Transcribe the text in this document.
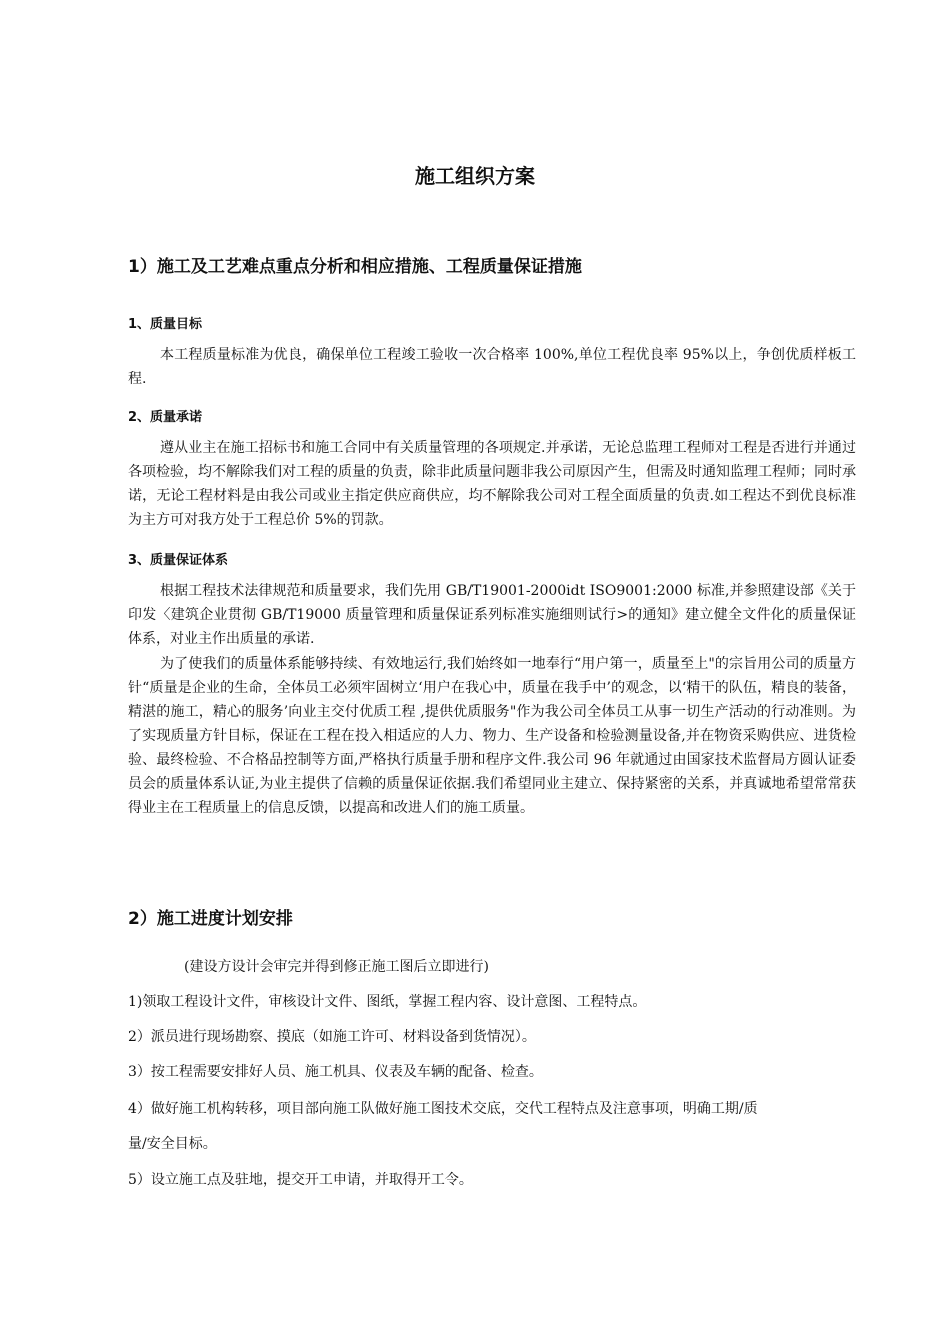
施工组织方案
1）施工及工艺难点重点分析和相应措施、工程质量保证措施
1、质量目标
本工程质量标准为优良，确保单位工程竣工验收一次合格率 100%,单位工程优良率 95%以上，争创优质样板工程.
2、质量承诺
遵从业主在施工招标书和施工合同中有关质量管理的各项规定.并承诺，无论总监理工程师对工程是否进行并通过各项检验，均不解除我们对工程的质量的负责，除非此质量问题非我公司原因产生，但需及时通知监理工程师；同时承诺，无论工程材料是由我公司或业主指定供应商供应，均不解除我公司对工程全面质量的负责.如工程达不到优良标准为主方可对我方处于工程总价 5%的罚款。
3、质量保证体系
根据工程技术法律规范和质量要求，我们先用 GB/T19001-2000idt ISO9001:2000 标准,并参照建设部《关于印发〈建筑企业贯彻 GB/T19000 质量管理和质量保证系列标准实施细则试行>的通知》建立健全文件化的质量保证体系，对业主作出质量的承诺.
为了使我们的质量体系能够持续、有效地运行,我们始终如一地奉行“用户第一，质量至上"的宗旨用公司的质量方针“质量是企业的生命，全体员工必须牢固树立‘用户在我心中，质量在我手中’的观念，以‘精干的队伍，精良的装备，精湛的施工，精心的服务’向业主交付优质工程 ,提供优质服务"作为我公司全体员工从事一切生产活动的行动准则。为了实现质量方针目标，保证在工程在投入相适应的人力、物力、生产设备和检验测量设备,并在物资采购供应、进货检验、最终检验、不合格品控制等方面,严格执行质量手册和程序文件.我公司 96 年就通过由国家技术监督局方圆认证委员会的质量体系认证,为业主提供了信赖的质量保证依据.我们希望同业主建立、保持紧密的关系，并真诚地希望常常获得业主在工程质量上的信息反馈，以提高和改进人们的施工质量。
2）施工进度计划安排
(建设方设计会审完并得到修正施工图后立即进行)
1)领取工程设计文件，审核设计文件、图纸，掌握工程内容、设计意图、工程特点。
2）派员进行现场勘察、摸底（如施工许可、材料设备到货情况）。
3）按工程需要安排好人员、施工机具、仪表及车辆的配备、检查。
4）做好施工机构转移，项目部向施工队做好施工图技术交底，交代工程特点及注意事项，明确工期/质
量/安全目标。
5）设立施工点及驻地，提交开工申请，并取得开工令。
